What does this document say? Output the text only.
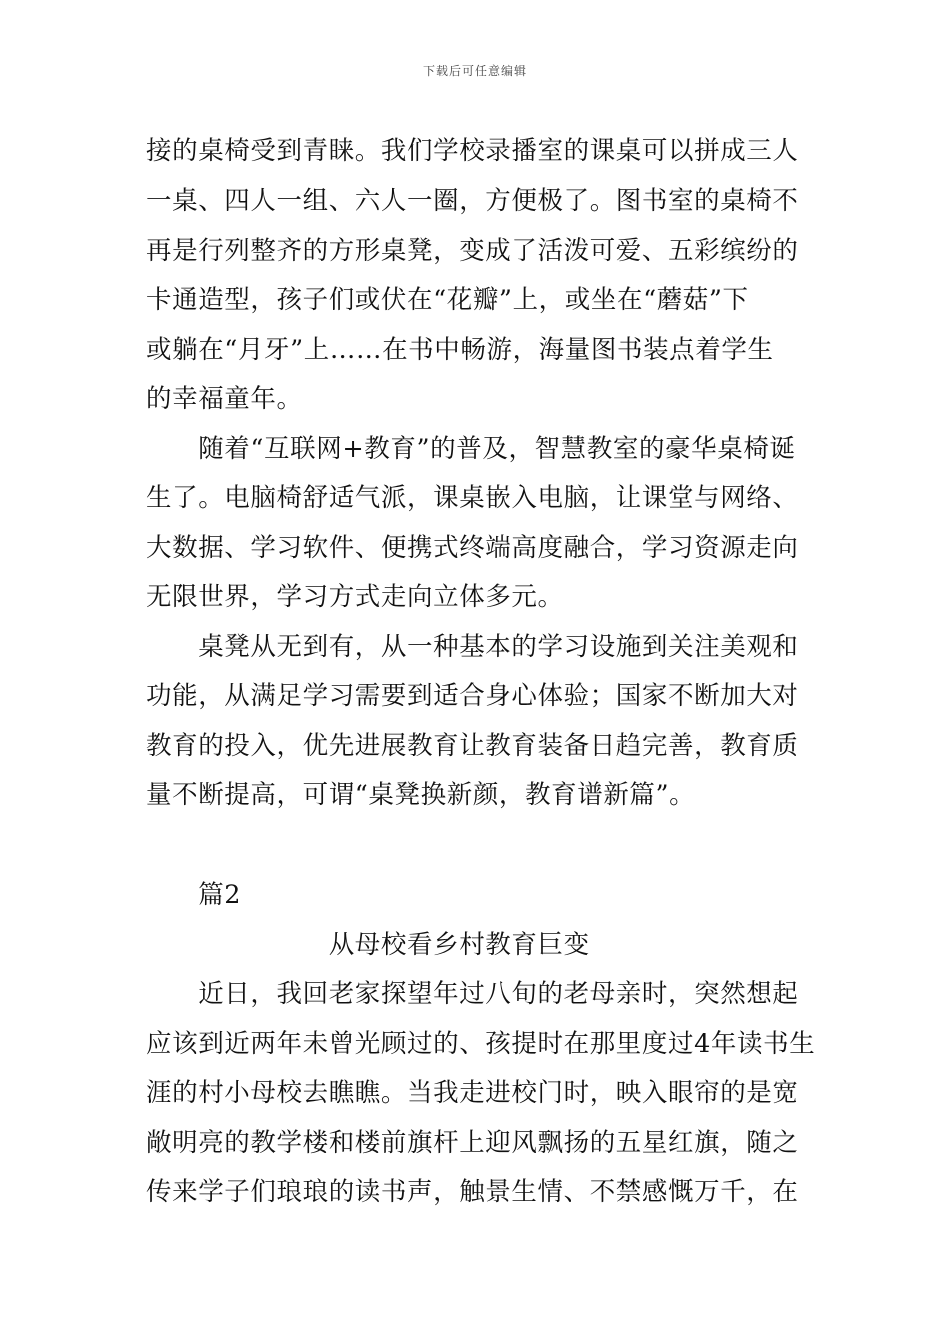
下载后可任意编辑
接的桌椅受到青睐。我们学校录播室的课桌可以拼成三人
一桌、四人一组、六人一圈，方便极了。图书室的桌椅不
再是行列整齐的方形桌凳，变成了活泼可爱、五彩缤纷的
卡通造型，孩子们或伏在“花瓣”上，或坐在“蘑菇”下
或躺在“月牙”上……在书中畅游，海量图书装点着学生
的幸福童年。
　　随着“互联网+教育”的普及，智慧教室的豪华桌椅诞
生了。电脑椅舒适气派，课桌嵌入电脑，让课堂与网络、
大数据、学习软件、便携式终端高度融合，学习资源走向
无限世界，学习方式走向立体多元。
　　桌凳从无到有，从一种基本的学习设施到关注美观和
功能，从满足学习需要到适合身心体验；国家不断加大对
教育的投入，优先进展教育让教育装备日趋完善，教育质
量不断提高，可谓“桌凳换新颜，教育谱新篇”。
　　篇2
　　　　　　　从母校看乡村教育巨变
　　近日，我回老家探望年过八旬的老母亲时，突然想起
应该到近两年未曾光顾过的、孩提时在那里度过4年读书生
涯的村小母校去瞧瞧。当我走进校门时，映入眼帘的是宽
敞明亮的教学楼和楼前旗杆上迎风飘扬的五星红旗，随之
传来学子们琅琅的读书声，触景生情、不禁感慨万千，在
